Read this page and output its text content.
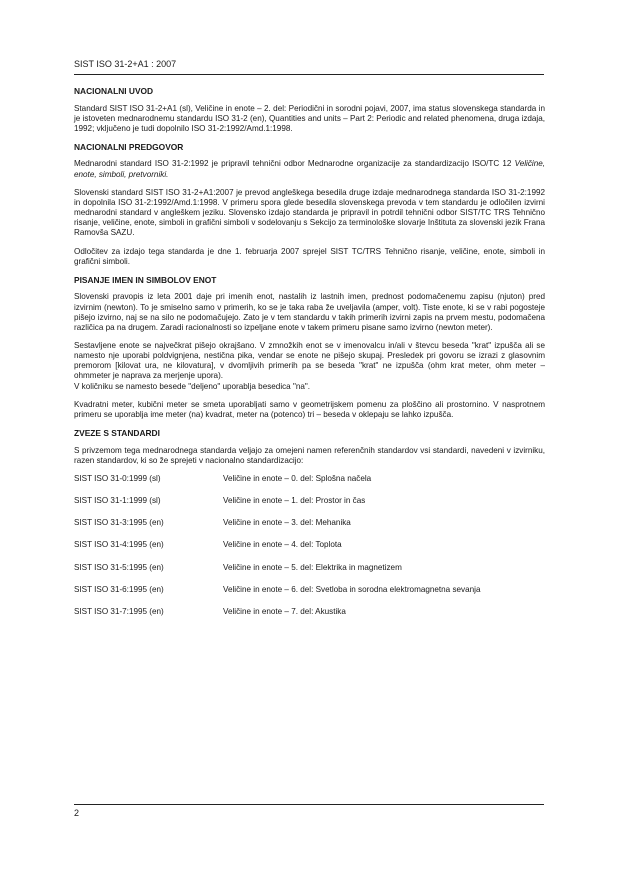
SIST ISO 31-2+A1 : 2007
NACIONALNI UVOD

Standard SIST ISO 31-2+A1 (sl), Veličine in enote – 2. del: Periodični in sorodni pojavi, 2007, ima status slovenskega standarda in je istoveten mednarodnemu standardu ISO 31-2 (en), Quantities and units – Part 2: Periodic and related phenomena, druga izdaja, 1992; vključeno je tudi dopolnilo ISO 31-2:1992/Amd.1:1998.

NACIONALNI PREDGOVOR

Mednarodni standard ISO 31-2:1992 je pripravil tehnični odbor Mednarodne organizacije za standardizacijo ISO/TC 12 Veličine, enote, simboli, pretvorniki.

Slovenski standard SIST ISO 31-2+A1:2007 je prevod angleškega besedila druge izdaje mednarodnega standarda ISO 31-2:1992 in dopolnila ISO 31-2:1992/Amd.1:1998. V primeru spora glede besedila slovenskega prevoda v tem standardu je odločilen izvirni mednarodni standard v angleškem jeziku. Slovensko izdajo standarda je pripravil in potrdil tehnični odbor SIST/TC TRS Tehnično risanje, veličine, enote, simboli in grafični simboli v sodelovanju s Sekcijo za terminološke slovarje Inštituta za slovenski jezik Frana Ramovša SAZU.

Odločitev za izdajo tega standarda je dne 1. februarja 2007 sprejel SIST TC/TRS Tehnično risanje, veličine, enote, simboli in grafični simboli.

PISANJE IMEN IN SIMBOLOV ENOT

Slovenski pravopis iz leta 2001 daje pri imenih enot, nastalih iz lastnih imen, prednost podomačenemu zapisu (njuton) pred izvirnim (newton). To je smiselno samo v primerih, ko se je taka raba že uveljavila (amper, volt). Tiste enote, ki se v rabi pogosteje pišejo izvirno, naj se na silo ne podomačujejo. Zato je v tem standardu v takih primerih izvirni zapis na prvem mestu, podomačena različica pa na drugem. Zaradi racionalnosti so izpeljane enote v takem primeru pisane samo izvirno (newton meter).

Sestavljene enote se največkrat pišejo okrajšano. V zmnožkih enot se v imenovalcu in/ali v števcu beseda "krat" izpušča ali se namesto nje uporabi poldvignjena, nestična pika, vendar se enote ne pišejo skupaj. Presledek pri govoru se izrazi z glasovnim premorom [kilovat ura, ne kilovatura], v dvomljivih primerih pa se beseda "krat" ne izpušča (ohm krat meter, ohm meter – ohmmeter je naprava za merjenje upora).

V količniku se namesto besede "deljeno" uporablja besedica "na".

Kvadratni meter, kubični meter se smeta uporabljati samo v geometrijskem pomenu za ploščino ali prostornino. V nasprotnem primeru se uporablja ime meter (na) kvadrat, meter na (potenco) tri – beseda v oklepaju se lahko izpušča.

ZVEZE S STANDARDI

S privzemom tega mednarodnega standarda veljajo za omejeni namen referenčnih standardov vsi standardi, navedeni v izvirniku, razen standardov, ki so že sprejeti v nacionalno standardizacijo:

SIST ISO 31-0:1999 (sl)	Veličine in enote – 0. del: Splošna načela
SIST ISO 31-1:1999 (sl)	Veličine in enote – 1. del: Prostor in čas
SIST ISO 31-3:1995 (en)	Veličine in enote – 3. del: Mehanika
SIST ISO 31-4:1995 (en)	Veličine in enote – 4. del: Toplota
SIST ISO 31-5:1995 (en)	Veličine in enote – 5. del: Elektrika in magnetizem
SIST ISO 31-6:1995 (en)	Veličine in enote – 6. del: Svetloba in sorodna elektromagnetna sevanja
SIST ISO 31-7:1995 (en)	Veličine in enote – 7. del: Akustika
2
